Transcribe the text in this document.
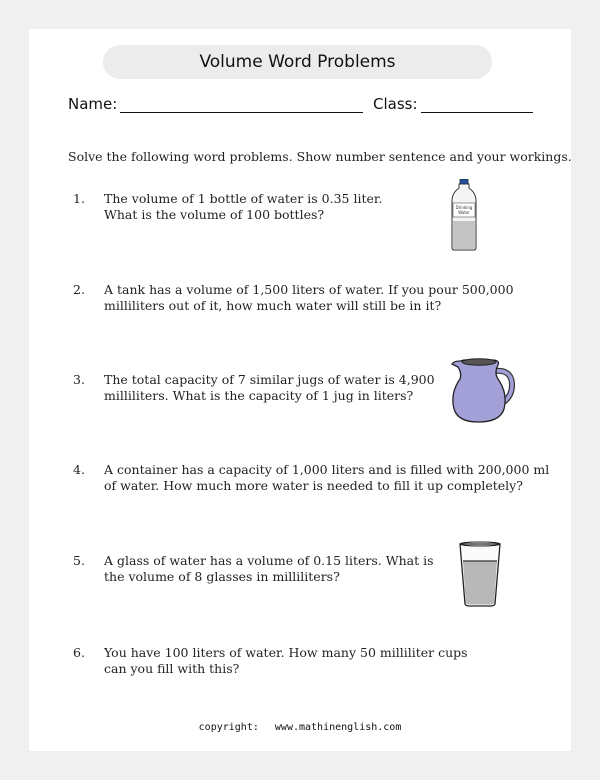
Volume Word Problems
Name:	Class:
Solve the following word problems. Show number sentence and your workings.
1. The volume of 1 bottle of water is 0.35 liter.
What is the volume of 100 bottles?
2. A tank has a volume of 1,500 liters of water. If you pour 500,000
milliliters out of it, how much water will still be in it?
3. The total capacity of 7 similar jugs of water is 4,900
milliliters. What is the capacity of 1 jug in liters?
4. A container has a capacity of 1,000 liters and is filled with 200,000 ml
of water. How much more water is needed to fill it up completely?
5. A glass of water has a volume of 0.15 liters. What is
the volume of 8 glasses in milliliters?
6. You have 100 liters of water. How many 50 milliliter cups
can you fill with this?
Drinking
Water
copyright: www.mathinenglish.com
